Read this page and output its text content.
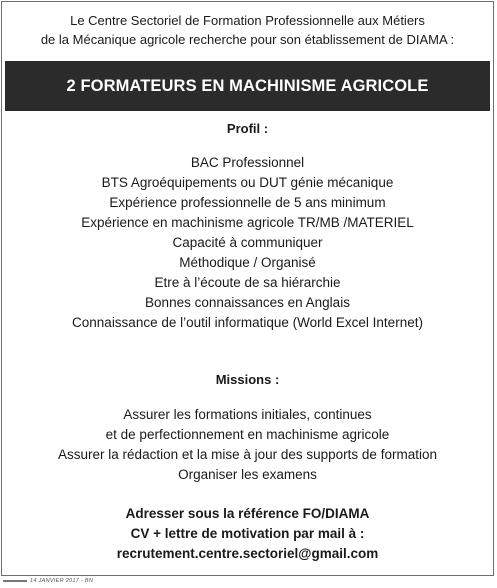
Le Centre Sectoriel de Formation Professionnelle aux Métiers
de la Mécanique agricole recherche pour son établissement de DIAMA :
2 FORMATEURS EN MACHINISME AGRICOLE
Profil :
BAC Professionnel
BTS Agroéquipements ou DUT génie mécanique
Expérience professionnelle de 5 ans minimum
Expérience en machinisme agricole TR/MB /MATERIEL
Capacité à communiquer
Méthodique / Organisé
Etre à l’écoute de sa hiérarchie
Bonnes connaissances en Anglais
Connaissance de l’outil informatique (World Excel Internet)
Missions :
Assurer les formations initiales, continues
et de perfectionnement en machinisme agricole
Assurer la rédaction et la mise à jour des supports de formation
Organiser les examens
Adresser sous la référence FO/DIAMA
CV + lettre de motivation par mail à :
recrutement.centre.sectoriel@gmail.com
14 JANVIER 2017 - BN
